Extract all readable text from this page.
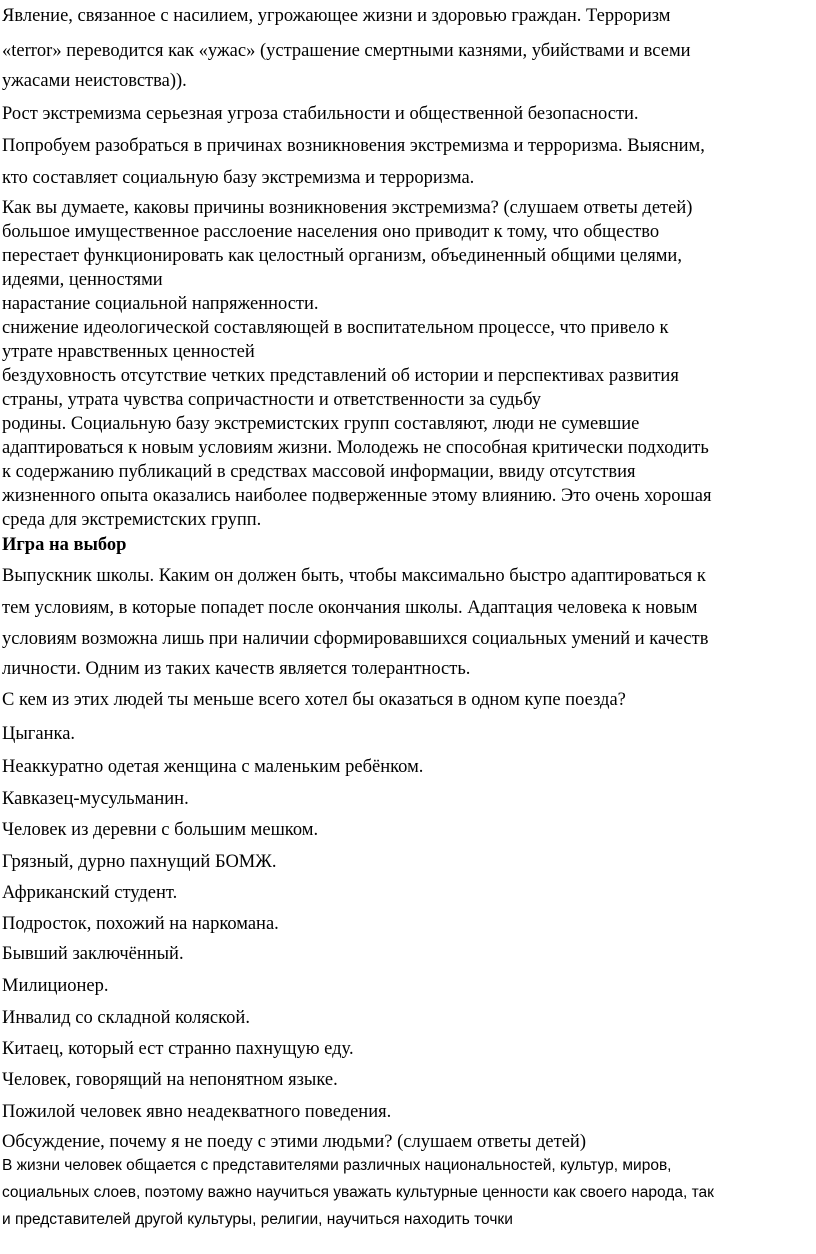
Явление, связанное с насилием, угрожающее жизни и здоровью граждан. Терроризм

«terror» переводится как «ужас» (устрашение смертными казнями, убийствами и всеми

ужасами неистовства)).

Рост экстремизма серьезная угроза стабильности и общественной безопасности.

Попробуем разобраться в причинах возникновения экстремизма и терроризма. Выясним,

кто составляет социальную базу экстремизма и терроризма.

Как вы думаете, каковы причины возникновения экстремизма? (слушаем ответы детей)

большое имущественное расслоение населения оно приводит к тому, что общество

перестает функционировать как целостный организм, объединенный общими целями,

идеями, ценностями

нарастание социальной напряженности.

снижение идеологической составляющей в воспитательном процессе, что привело к

утрате нравственных ценностей

бездуховность отсутствие четких представлений об истории и перспективах развития

страны, утрата чувства сопричастности и ответственности за судьбу

родины. Социальную базу экстремистских групп составляют, люди не сумевшие

адаптироваться к новым условиям жизни. Молодежь не способная критически подходить

к содержанию публикаций в средствах массовой информации, ввиду отсутствия

жизненного опыта оказались наиболее подверженные этому влиянию. Это очень хорошая

среда для экстремистских групп.

Игра на выбор

Выпускник школы. Каким он должен быть, чтобы максимально быстро адаптироваться к

тем условиям, в которые попадет после окончания школы. Адаптация человека к новым

условиям возможна лишь при наличии сформировавшихся социальных умений и качеств

личности. Одним из таких качеств является толерантность.

С кем из этих людей ты меньше всего хотел бы оказаться в одном купе поезда?

Цыганка.

Неаккуратно одетая женщина с маленьким ребёнком.

Кавказец-мусульманин.

Человек из деревни с большим мешком.

Грязный, дурно пахнущий БОМЖ.

Африканский студент.

Подросток, похожий на наркомана.

Бывший заключённый.

Милиционер.

Инвалид со складной коляской.

Китаец, который ест странно пахнущую еду.

Человек, говорящий на непонятном языке.

Пожилой человек явно неадекватного поведения.

Обсуждение, почему я не поеду с этими людьми? (слушаем ответы детей)

В жизни человек общается с представителями различных национальностей, культур, миров,

социальных слоев, поэтому важно научиться уважать культурные ценности как своего народа, так

и представителей другой культуры, религии, научиться находить точки
